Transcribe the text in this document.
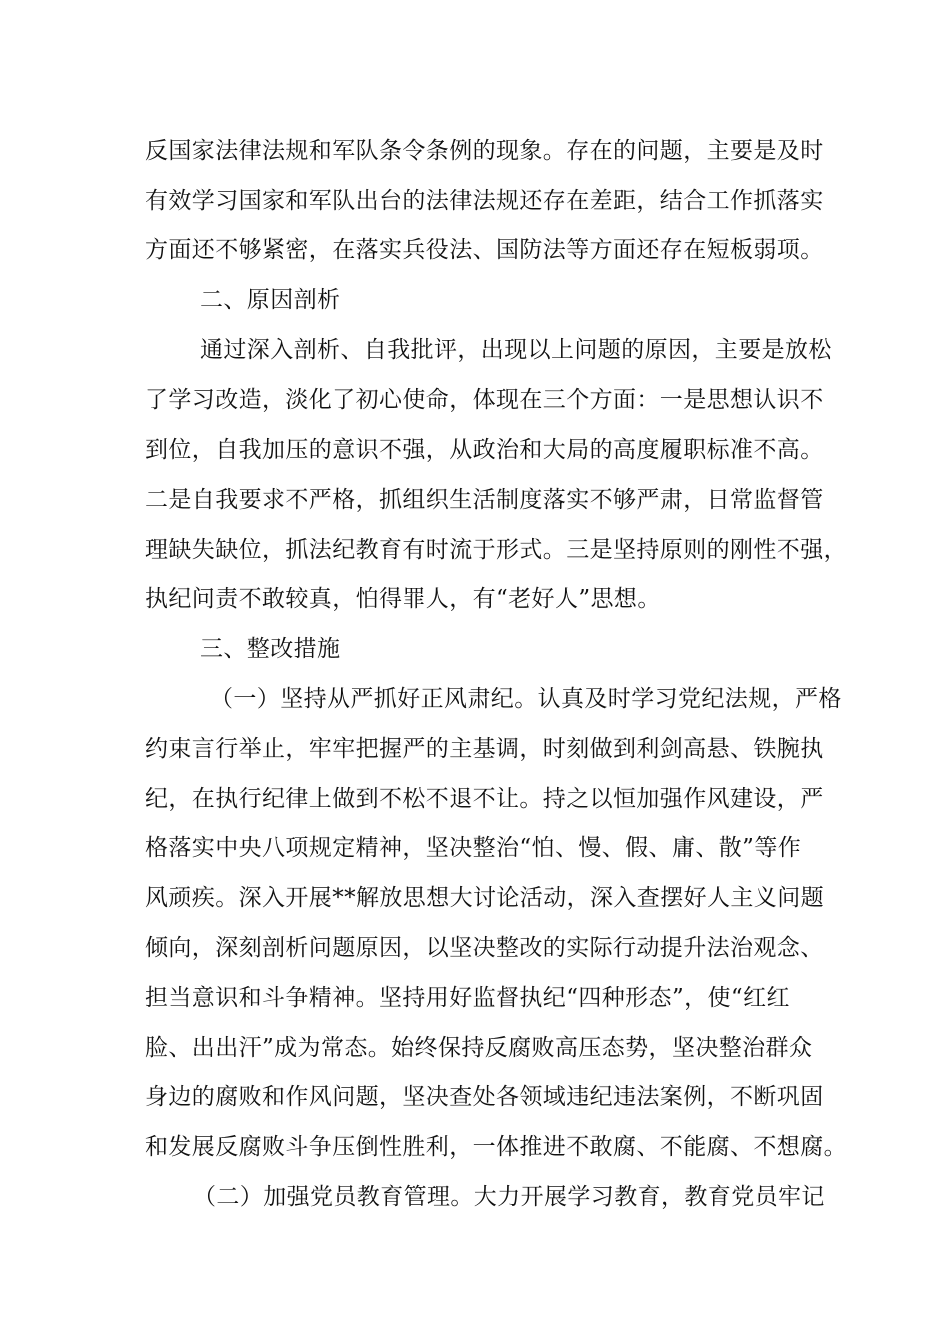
反国家法律法规和军队条令条例的现象。存在的问题，主要是及时
有效学习国家和军队出台的法律法规还存在差距，结合工作抓落实
方面还不够紧密，在落实兵役法、国防法等方面还存在短板弱项。
二、原因剖析
通过深入剖析、自我批评，出现以上问题的原因，主要是放松
了学习改造，淡化了初心使命，体现在三个方面：一是思想认识不
到位，自我加压的意识不强，从政治和大局的高度履职标准不高。
二是自我要求不严格，抓组织生活制度落实不够严肃，日常监督管
理缺失缺位，抓法纪教育有时流于形式。三是坚持原则的刚性不强，
执纪问责不敢较真，怕得罪人，有“老好人”思想。
三、整改措施
（一）坚持从严抓好正风肃纪。认真及时学习党纪法规，严格
约束言行举止，牢牢把握严的主基调，时刻做到利剑高悬、铁腕执
纪，在执行纪律上做到不松不退不让。持之以恒加强作风建设，严
格落实中央八项规定精神，坚决整治“怕、慢、假、庸、散”等作
风顽疾。深入开展**解放思想大讨论活动，深入查摆好人主义问题
倾向，深刻剖析问题原因，以坚决整改的实际行动提升法治观念、
担当意识和斗争精神。坚持用好监督执纪“四种形态”，使“红红
脸、出出汗”成为常态。始终保持反腐败高压态势，坚决整治群众
身边的腐败和作风问题，坚决查处各领域违纪违法案例，不断巩固
和发展反腐败斗争压倒性胜利，一体推进不敢腐、不能腐、不想腐。
（二）加强党员教育管理。大力开展学习教育，教育党员牢记
